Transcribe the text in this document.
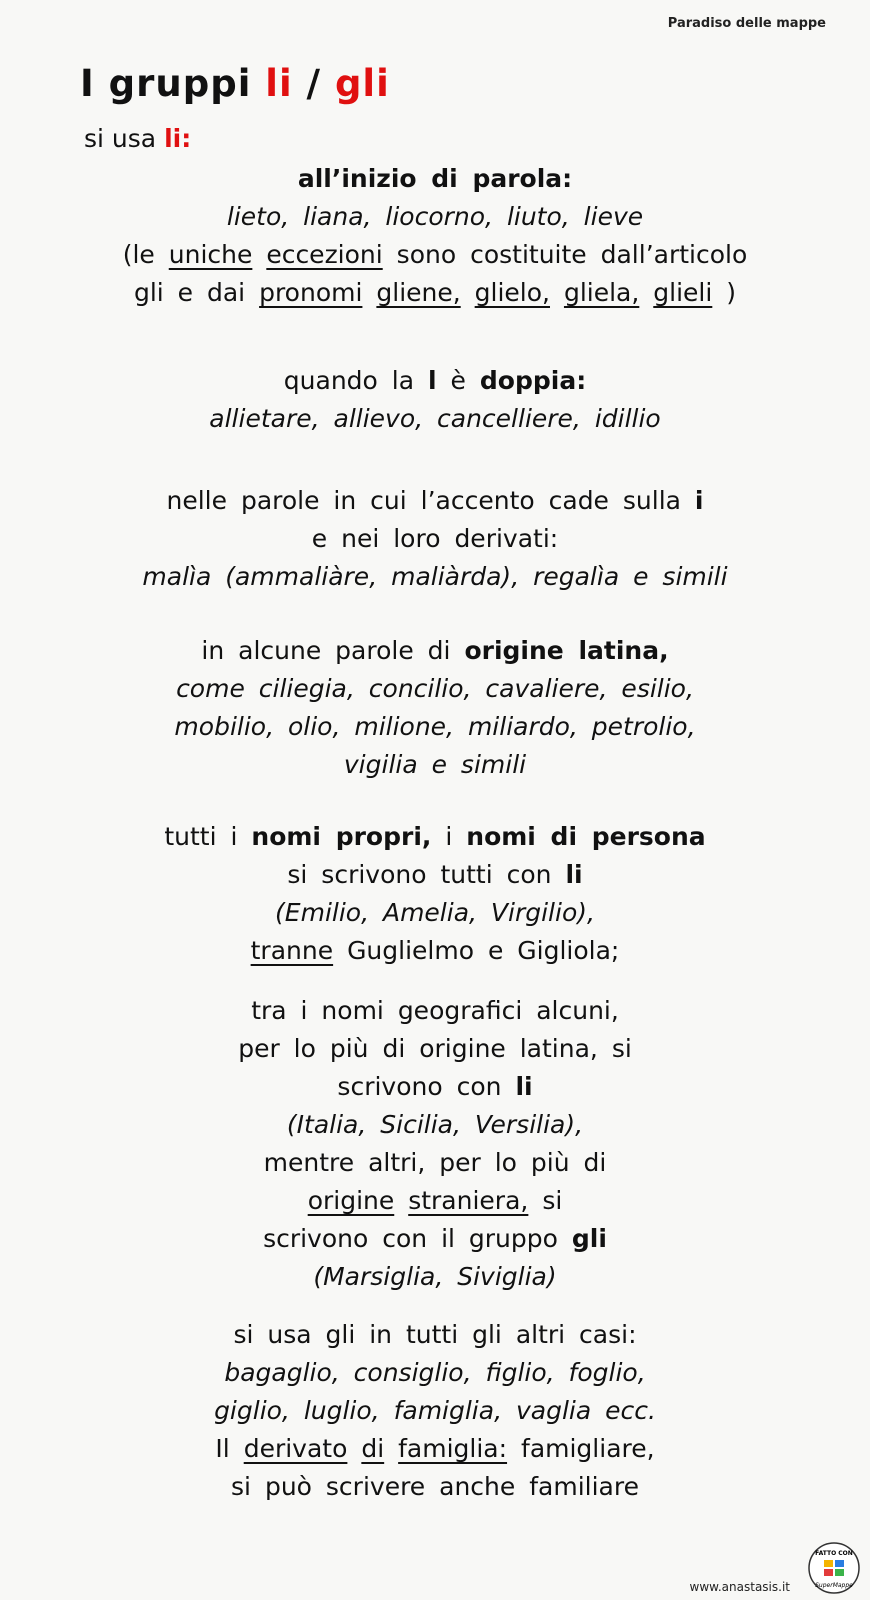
Paradiso delle mappe
I gruppi li / gli
si usa li:
all’inizio di parola:
lieto, liana, liocorno, liuto, lieve
(le uniche eccezioni sono costituite dall’articolo
gli e dai pronomi gliene, glielo, gliela, glieli )
quando la l è doppia:
allietare, allievo, cancelliere, idillio
nelle parole in cui l’accento cade sulla i
e nei loro derivati:
malìa (ammaliàre, maliàrda), regalìa e simili
in alcune parole di origine latina,
come ciliegia, concilio, cavaliere, esilio,
mobilio, olio, milione, miliardo, petrolio,
vigilia e simili
tutti i nomi propri, i nomi di persona
si scrivono tutti con li
(Emilio, Amelia, Virgilio),
tranne Guglielmo e Gigliola;
tra i nomi geografici alcuni,
per lo più di origine latina, si
scrivono con li
(Italia, Sicilia, Versilia),
mentre altri, per lo più di
origine straniera, si
scrivono con il gruppo gli
(Marsiglia, Siviglia)
si usa gli in tutti gli altri casi:
bagaglio, consiglio, figlio, foglio,
giglio, luglio, famiglia, vaglia ecc.
Il derivato di famiglia: famigliare,
si può scrivere anche familiare
www.anastasis.it
FATTO CON
SuperMappe
